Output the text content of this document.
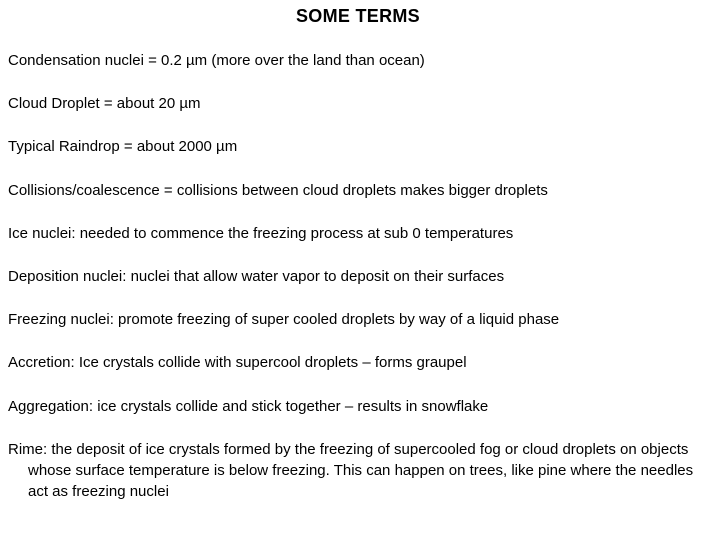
SOME TERMS
Condensation nuclei = 0.2 µm (more over the land than ocean)
Cloud Droplet = about 20 µm
Typical Raindrop = about 2000 µm
Collisions/coalescence = collisions between cloud droplets makes bigger droplets
Ice nuclei: needed to commence the freezing process at sub 0 temperatures
Deposition nuclei: nuclei that allow water vapor to deposit on their surfaces
Freezing nuclei: promote freezing of super cooled droplets by way of a liquid phase
Accretion: Ice crystals collide with supercool droplets – forms graupel
Aggregation: ice crystals collide and stick together – results in snowflake
Rime: the deposit of ice crystals formed by the freezing of supercooled fog or cloud droplets on objects whose surface temperature is below freezing. This can happen on trees, like pine where the needles act as freezing nuclei
